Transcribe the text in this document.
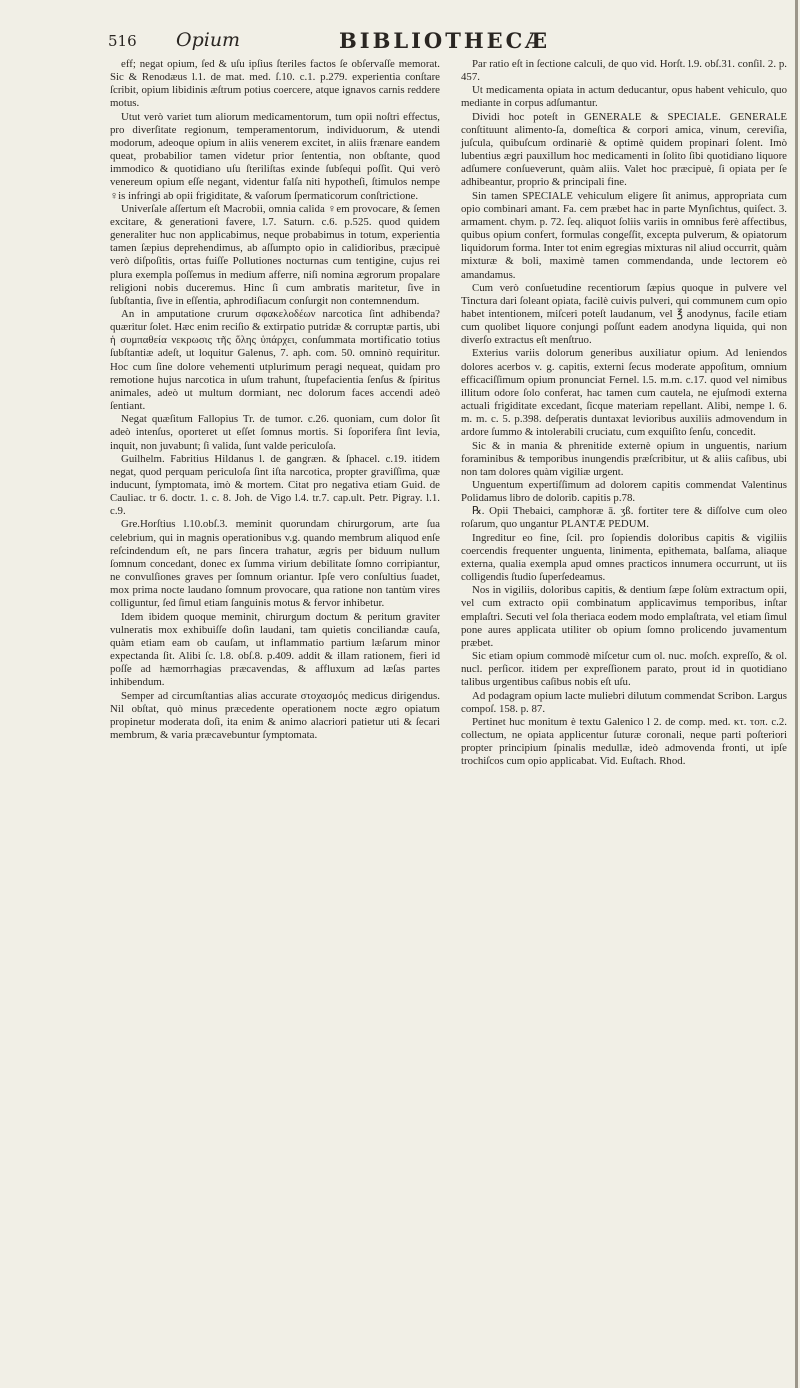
516 Opium	BIBLIOTHECÆ

eff; negat opium, ſed & uſu ipſius ſteriles factos ſe obſervaſſe memorat. Sic & Renodæus l.1. de mat. med. ſ.10. c.1. p.279. experientia conſtare ſcribit, opium libidinis æſtrum potius coercere, atque ignavos carnis reddere motus.

Utut verò variet tum aliorum medicamentorum, tum opii noſtri effectus, pro diverſitate regionum, temperamentorum, individuorum, & utendi modorum, adeoque opium in aliis venerem excitet, in aliis frænare eandem queat, probabilior tamen videtur prior ſententia, non obſtante, quod immodico & quotidiano uſu ſteriliſtas exinde ſubſequi poſſit. Qui verò venereum opium eſſe negant, videntur falſa niti hypotheſi, ſtimulos nempe ♀is infringi ab opii frigiditate, & vaſorum ſpermaticorum conſtrictione.

Univerſale aſſertum eſt Macrobii, omnia calida ♀em provocare, & ſemen excitare, & generationi favere, l.7. Saturn. c.6. p.525. quod quidem generaliter huc non applicabimus, neque probabimus in totum, experientia tamen ſæpius deprehendimus, ab aſſumpto opio in calidioribus, præcipuè verò diſpoſitis, ortas fuiſſe Pollutiones nocturnas cum tentigine, cujus rei plura exempla poſſemus in medium afferre, niſi nomina ægrorum propalare religioni nobis duceremus. Hinc ſi cum ambratis maritetur, ſive in ſubſtantia, ſive in eſſentia, aphrodiſiacum conſurgit non contemnendum.

An in amputatione crurum σφακελοδέων narcotica ſint adhibenda? quæritur ſolet. Hæc enim reciſio & extirpatio putridæ & corruptæ partis, ubi ἡ συμπαθεία νεκρωσις τῆς ὅλης ὑπάρχει, conſummata mortificatio totius ſubſtantiæ adeſt, ut loquitur Galenus, 7. aph. com. 50. omninò requiritur. Hoc cum ſine dolore vehementi utplurimum peragi nequeat, quidam pro remotione hujus narcotica in uſum trahunt, ſtupefacientia ſenſus & ſpiritus animales, adeò ut multum dormiant, nec dolorum faces accendi adeò ſentiant.

Negat quæſitum Fallopius Tr. de tumor. c.26. quoniam, cum dolor ſit adeò intenſus, oporteret ut eſſet ſomnus mortis. Si ſoporifera ſint levia, inquit, non juvabunt; ſi valida, ſunt valde periculoſa.

Guilhelm. Fabritius Hildanus l. de gangræn. & ſphacel. c.19. itidem negat, quod perquam periculoſa ſint iſta narcotica, propter graviſſima, quæ inducunt, ſymptomata, imò & mortem. Citat pro negativa etiam Guid. de Cauliac. tr 6. doctr. 1. c. 8. Joh. de Vigo l.4. tr.7. cap.ult. Petr. Pigray. l.1. c.9.

Gre.Horſtius l.10.obſ.3. meminit quorundam chirurgorum, arte ſua celebrium, qui in magnis operationibus v.g. quando membrum aliquod enſe reſcindendum eſt, ne pars ſincera trahatur, ægris per biduum nullum ſomnum concedant, donec ex ſumma virium debilitate ſomno corripiantur, ne convulſiones graves per ſomnum oriantur. Ipſe vero conſultius ſuadet, mox prima nocte laudano ſomnum provocare, qua ratione non tantùm vires colliguntur, ſed ſimul etiam ſanguinis motus & fervor inhibetur.

Idem ibidem quoque meminit, chirurgum doctum & peritum graviter vulneratis mox exhibuiſſe doſin laudani, tam quietis conciliandæ cauſa, quàm etiam eam ob cauſam, ut inflammatio partium læſarum minor expectanda ſit. Alibi ſc. l.8. obſ.8. p.409. addit & illam rationem, fieri id poſſe ad hæmorrhagias præcavendas, & affluxum ad læſas partes inhibendum.

Semper ad circumſtantias alias accurate στοχασμός medicus dirigendus. Nil obſtat, quò minus præcedente operationem nocte ægro opiatum propinetur moderata doſi, ita enim & animo alacriori patietur uti & ſecari membrum, & varia præcavebuntur ſymptomata.

Par ratio eſt in ſectione calculi, de quo vid. Horſt. l.9. obſ.31. conſil. 2. p. 457.

Ut medicamenta opiata in actum deducantur, opus habent vehiculo, quo mediante in corpus adſumantur.

Dividi hoc poteſt in GENERALE & SPECIALE. GENERALE conſtituunt alimento-ſa, domeſtica & corpori amica, vinum, cereviſia, juſcula, quibuſcum ordinariè & optimè quidem propinari ſolent. Imò lubentius ægri pauxillum hoc medicamenti in ſolito ſibi quotidiano liquore adſumere conſueverunt, quàm aliis. Valet hoc præcipuè, ſi opiata per ſe adhibeantur, proprio & principali fine.

Sin tamen SPECIALE vehiculum eligere ſit animus, appropriata cum opio combinari amant. Fa. cem præbet hac in parte Mynſichtus, quiſect. 3. armament. chym. p. 72. ſeq. aliquot ſoliis variis in omnibus ferè affectibus, quibus opium confert, formulas congeſſit, excepta pulverum, & opiatorum liquidorum forma. Inter tot enim egregias mixturas nil aliud occurrit, quàm mixturæ & boli, maximè tamen commendanda, unde lectorem eò amandamus.

Cum verò conſuetudine recentiorum ſæpius quoque in pulvere vel Tinctura dari ſoleant opiata, facilè cuivis pulveri, qui communem cum opio habet intentionem, miſceri poteſt laudanum, vel ℥ anodynus, facile etiam cum quolibet liquore conjungi poſſunt eadem anodyna liquida, qui non diverſo extractus eſt menſtruo.

Exterius variis dolorum generibus auxiliatur opium. Ad leniendos dolores acerbos v. g. capitis, externi ſecus moderate appoſitum, omnium efficaciſſimum opium pronunciat Fernel. l.5. m.m. c.17. quod vel nimibus illitum odore ſolo conferat, hac tamen cum cautela, ne ejuſmodi externa actuali frigiditate excedant, ſicque materiam repellant. Alibi, nempe l. 6. m. m. c. 5. p.398. deſperatis duntaxat levioribus auxiliis admovendum in ardore ſummo & intolerabili cruciatu, cum exquiſito ſenſu, concedit.

Sic & in mania & phrenitide externè opium in unguentis, narium foraminibus & temporibus inungendis præſcribitur, ut & aliis caſibus, ubi non tam dolores quàm vigiliæ urgent.

Unguentum expertiſſimum ad dolorem capitis commendat Valentinus Polidamus libro de dolorib. capitis p.78.

℞. Opii Thebaici, camphoræ ā. ʒß. fortiter tere & diſſolve cum oleo roſarum, quo ungantur PLANTÆ PEDUM.

Ingreditur eo fine, ſcil. pro ſopiendis doloribus capitis & vigiliis coercendis frequenter unguenta, linimenta, epithemata, balſama, aliaque externa, qualia exempla apud omnes practicos innumera occurrunt, ut iis colligendis ſtudio ſuperſedeamus.

Nos in vigiliis, doloribus capitis, & dentium ſæpe ſolùm extractum opii, vel cum extracto opii combinatum applicavimus temporibus, inſtar emplaſtri. Secuti vel ſola theriaca eodem modo emplaſtrata, vel etiam ſimul pone aures applicata utiliter ob opium ſomno prolicendo juvamentum præbet.

Sic etiam opium commodè miſcetur cum ol. nuc. moſch. expreſſo, & ol. nucl. perſicor. itidem per expreſſionem parato, prout id in quotidiano talibus urgentibus caſibus nobis eſt uſu.

Ad podagram opium lacte muliebri dilutum commendat Scribon. Largus compoſ. 158. p. 87.

Pertinet huc monitum è textu Galenico l 2. de comp. med. κτ. τοπ. c.2. collectum, ne opiata applicentur ſuturæ coronali, neque parti poſteriori propter principium ſpinalis medullæ, ideò admovenda fronti, ut ipſe trochiſcos cum opio applicabat. Vid. Euſtach. Rhod.
